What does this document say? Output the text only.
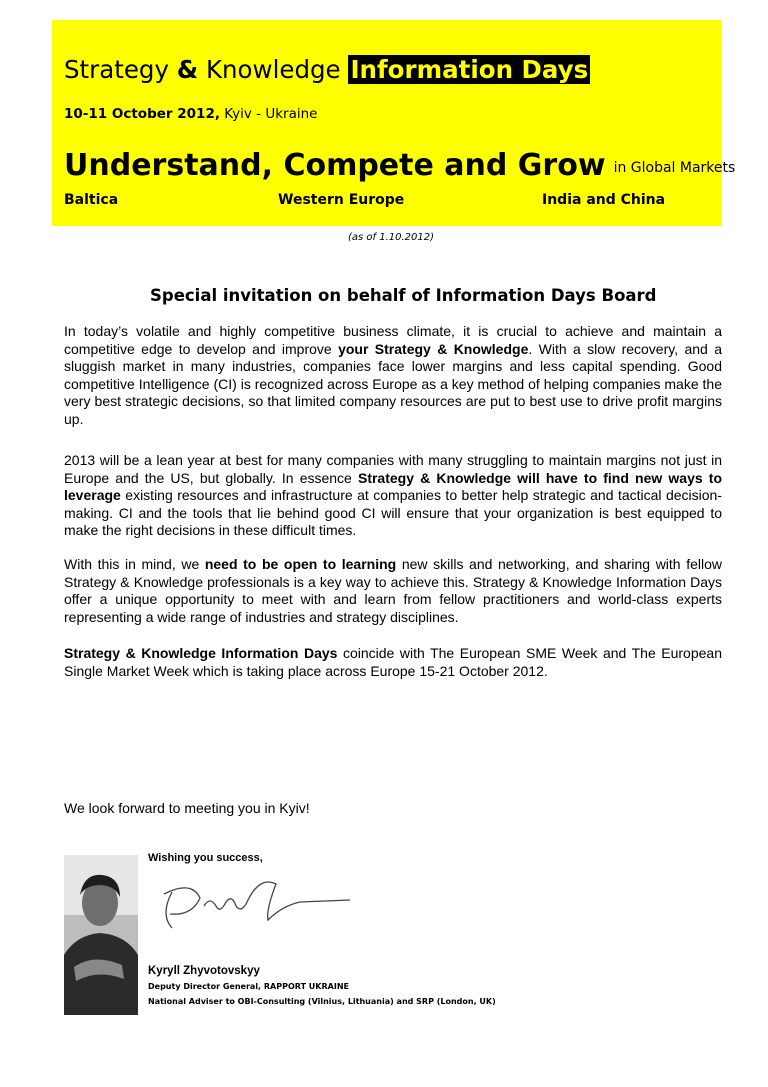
Strategy & Knowledge Information Days
10-11 October 2012, Kyiv - Ukraine
Understand, Compete and Grow in Global Markets
Baltica	Western Europe	India and China
(as of 1.10.2012)
Special invitation on behalf of Information Days Board

In today’s volatile and highly competitive business climate, it is crucial to achieve and maintain a competitive edge to develop and improve your Strategy & Knowledge. With a slow recovery, and a sluggish market in many industries, companies face lower margins and less capital spending. Good competitive Intelligence (CI) is recognized across Europe as a key method of helping companies make the very best strategic decisions, so that limited company resources are put to best use to drive profit margins up.

2013 will be a lean year at best for many companies with many struggling to maintain margins not just in Europe and the US, but globally. In essence Strategy & Knowledge will have to find new ways to leverage existing resources and infrastructure at companies to better help strategic and tactical decision-making. CI and the tools that lie behind good CI will ensure that your organization is best equipped to make the right decisions in these difficult times.

With this in mind, we need to be open to learning new skills and networking, and sharing with fellow Strategy & Knowledge professionals is a key way to achieve this. Strategy & Knowledge Information Days offer a unique opportunity to meet with and learn from fellow practitioners and world-class experts representing a wide range of industries and strategy disciplines.

Strategy & Knowledge Information Days coincide with The European SME Week and The European Single Market Week which is taking place across Europe 15-21 October 2012.

We look forward to meeting you in Kyiv!
Wishing you success,
Kyryll Zhyvotovskyy
Deputy Director General, RAPPORT UKRAINE
National Adviser to OBI-Consulting (Vilnius, Lithuania) and SRP (London, UK)
